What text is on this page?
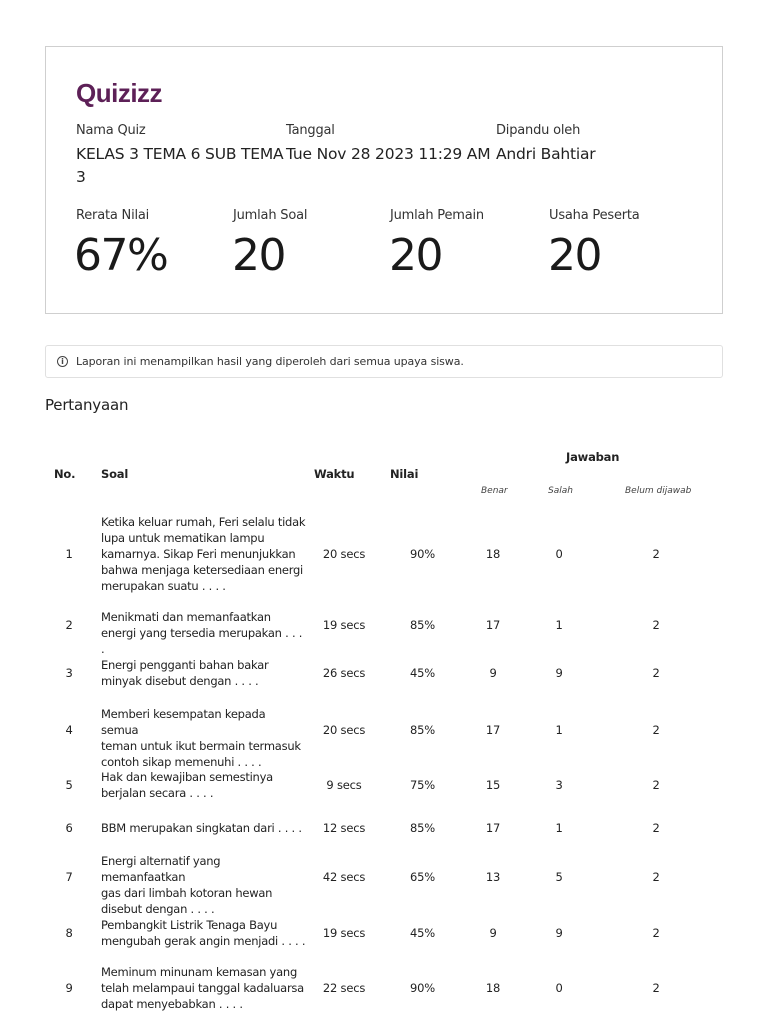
Quizizz
Nama Quiz
KELAS 3 TEMA 6 SUB TEMA
3
Tanggal
Tue Nov 28 2023 11:29 AM
Dipandu oleh
Andri Bahtiar
Rerata Nilai
67%
Jumlah Soal
20
Jumlah Pemain
20
Usaha Peserta
20
i	Laporan ini menampilkan hasil yang diperoleh dari semua upaya siswa.
Pertanyaan
No. Soal	Waktu	Nilai
Jawaban
Benar	Salah	Belum dijawab
1
Ketika keluar rumah, Feri selalu tidak
lupa untuk mematikan lampu
kamarnya. Sikap Feri menunjukkan
bahwa menjaga ketersediaan energi
merupakan suatu . . . .
20 secs	90%	18	0	2
2
Menikmati dan memanfaatkan
energi yang tersedia merupakan . . . .
19 secs	85%	17	1	2
3
Energi pengganti bahan bakar
minyak disebut dengan . . . .
26 secs	45%	9	9	2
4
Memberi kesempatan kepada semua
teman untuk ikut bermain termasuk
contoh sikap memenuhi . . . .
20 secs	85%	17	1	2
5
Hak dan kewajiban semestinya
berjalan secara . . . .
9 secs	75%	15	3	2
6	BBM merupakan singkatan dari . . . .	12 secs	85%	17	1	2
7
Energi alternatif yang memanfaatkan
gas dari limbah kotoran hewan
disebut dengan . . . .
42 secs	65%	13	5	2
8
Pembangkit Listrik Tenaga Bayu
mengubah gerak angin menjadi . . . .
19 secs	45%	9	9	2
9
Meminum minunam kemasan yang
telah melampaui tanggal kadaluarsa
dapat menyebabkan . . . .
22 secs	90%	18	0	2
